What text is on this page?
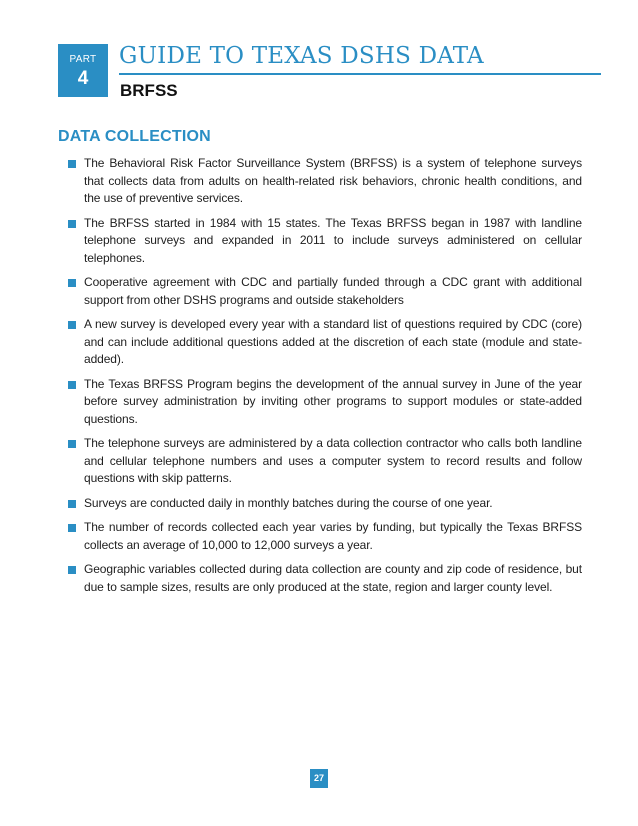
PART
4
GUIDE TO TEXAS DSHS DATA
BRFSS
DATA COLLECTION
The Behavioral Risk Factor Surveillance System (BRFSS) is a system of telephone surveys that collects data from adults on health-related risk behaviors, chronic health conditions, and the use of preventive services.
The BRFSS started in 1984 with 15 states. The Texas BRFSS began in 1987 with landline telephone surveys and expanded in 2011 to include surveys administered on cellular telephones.
Cooperative agreement with CDC and partially funded through a CDC grant with additional support from other DSHS programs and outside stakeholders
A new survey is developed every year with a standard list of questions required by CDC (core) and can include additional questions added at the discretion of each state (module and state-added).
The Texas BRFSS Program begins the development of the annual survey in June of the year before survey administration by inviting other programs to support modules or state-added questions.
The telephone surveys are administered by a data collection contractor who calls both landline and cellular telephone numbers and uses a computer system to record results and follow questions with skip patterns.
Surveys are conducted daily in monthly batches during the course of one year.
The number of records collected each year varies by funding, but typically the Texas BRFSS collects an average of 10,000 to 12,000 surveys a year.
Geographic variables collected during data collection are county and zip code of residence, but due to sample sizes, results are only produced at the state, region and larger county level.
27
